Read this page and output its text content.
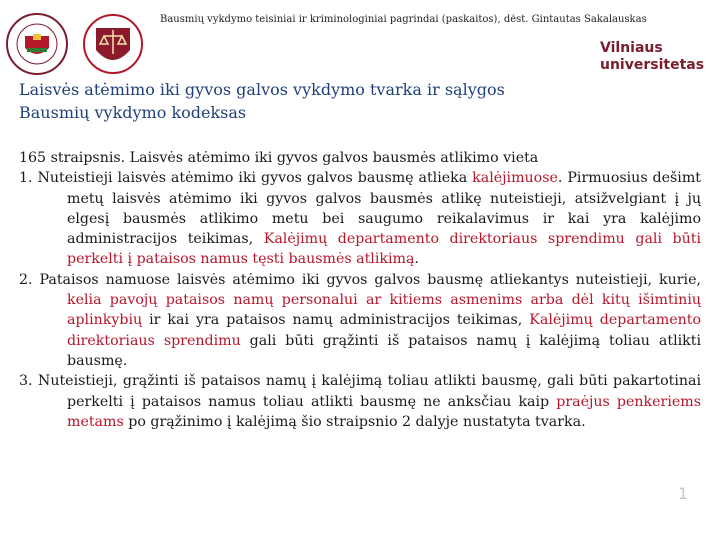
Bausmių vykdymo teisiniai ir kriminologiniai pagrindai (paskaitos), dėst. Gintautas Sakalauskas
Vilniaus
universitetas
Laisvės atėmimo iki gyvos galvos vykdymo tvarka ir sąlygos
Bausmių vykdymo kodeksas

165 straipsnis. Laisvės atėmimo iki gyvos galvos bausmės atlikimo vieta

1. Nuteistieji laisvės atėmimo iki gyvos galvos bausmę atlieka kalėjimuose. Pirmuosius dešimt metų laisvės atėmimo iki gyvos galvos bausmės atlikę nuteistieji, atsižvelgiant į jų elgesį bausmės atlikimo metu bei saugumo reikalavimus ir kai yra kalėjimo administracijos teikimas, Kalėjimų departamento direktoriaus sprendimu gali būti perkelti į pataisos namus tęsti bausmės atlikimą.

2. Pataisos namuose laisvės atėmimo iki gyvos galvos bausmę atliekantys nuteistieji, kurie, kelia pavojų pataisos namų personalui ar kitiems asmenims arba dėl kitų išimtinių aplinkybių ir kai yra pataisos namų administracijos teikimas, Kalėjimų departamento direktoriaus sprendimu gali būti grąžinti iš pataisos namų į kalėjimą toliau atlikti bausmę.

3. Nuteistieji, grąžinti iš pataisos namų į kalėjimą toliau atlikti bausmę, gali būti pakartotinai perkelti į pataisos namus toliau atlikti bausmę ne anksčiau kaip praėjus penkeriems metams po grąžinimo į kalėjimą šio straipsnio 2 dalyje nustatyta tvarka.

1
